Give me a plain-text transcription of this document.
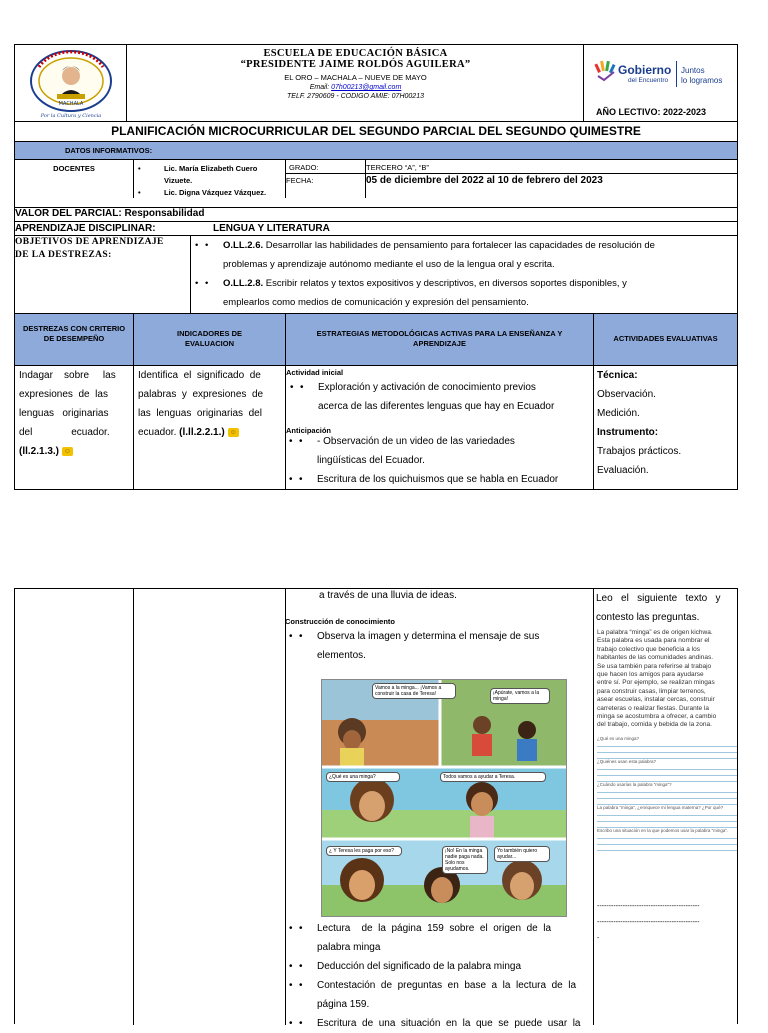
MACHALA
Por la Cultura y Ciencia
ESCUELA DE EDUCACIÓN BÁSICA
“PRESIDENTE JAIME ROLDÓS AGUILERA”
EL ORO – MACHALA – NUEVE DE MAYO
Email: 07h00213@gmail.com
TELF. 2790609 - CODIGO AMIE: 07H00213
Gobierno
del Encuentro
Juntos
lo logramos
AÑO LECTIVO: 2022-2023
PLANIFICACIÓN MICROCURRICULAR DEL SEGUNDO PARCIAL DEL SEGUNDO QUIMESTRE
DATOS INFORMATIVOS:
DOCENTES
•	Lic. María Elizabeth Cuero
Vizuete.
• Lic. Digna Vázquez Vázquez.
GRADO:
FECHA:
TERCERO “A”, “B”
05 de diciembre del 2022 al 10 de febrero del 2023
VALOR DEL PARCIAL: Responsabilidad
APRENDIZAJE DISCIPLINAR:	LENGUA Y LITERATURA
OBJETIVOS DE APRENDIZAJE
DE LA DESTREZAS:
• • O.LL.2.6. Desarrollar las habilidades de pensamiento para fortalecer las capacidades de resolución de
problemas y aprendizaje autónomo mediante el uso de la lengua oral y escrita.
• • O.LL.2.8. Escribir relatos y textos expositivos y descriptivos, en diversos soportes disponibles, y
emplearlos como medios de comunicación y expresión del pensamiento.
DESTREZAS CON CRITERIO
DE DESEMPEÑO
INDICADORES DE
EVALUACION
ESTRATEGIAS METODOLÓGICAS ACTIVAS PARA LA ENSEÑANZA Y
APRENDIZAJE
ACTIVIDADES EVALUATIVAS
Indagar    sobre     las
expresiones  de  las
lenguas   originarias
del              ecuador.
(ll.2.1.3.) ☺
Identifica  el  significado  de
palabras  y  expresiones  de
las  lenguas  originarias  del
ecuador. (l.ll.2.2.1.) ☺
Actividad inicial
• • Exploración y activación de conocimiento previos
acerca de las diferentes lenguas que hay en Ecuador
Anticipación
Técnica:
Observación.
Medición.
Instrumento:
Trabajos prácticos.
Evaluación.
• • - Observación de un video de las variedades
lingüísticas del Ecuador.
• • Escritura de los quichuismos que se habla en Ecuador
a través de una lluvia de ideas.
Construcción de conocimiento
• • Observa la imagen y determina el mensaje de sus
elementos.
Vamos a la minga... ¡Vamos a construir la casa de Teresa!	¡Apúrate, vamos a la minga!
¿Qué es una minga?	Todos vamos a ayudar a Teresa.
¿ Y Teresa les paga por eso?	¡No! En la minga nadie paga nada. Solo nos ayudamos.
Yo también quiero ayudar...
• • Lectura    de  la  página  159  sobre  el  origen  de  la
palabra minga
• • Deducción del significado de la palabra minga
• • Contestación  de  preguntas  en  base  a  la  lectura  de  la
página 159.
• • Escritura  de  una  situación  en  la  que  se  puede  usar  la
Leo   el   siguiente   texto   y
contesto las preguntas.
La palabra “minga” es de origen kichwa.
Esta palabra es usada para nombrar el
trabajo colectivo que beneficia a los
habitantes de las comunidades andinas.
Se usa también para referirse al trabajo
que hacen los amigos para ayudarse
entre sí. Por ejemplo, se realizan mingas
para construir casas, limpiar terrenos,
asear escuelas, instalar cercas, construir
carreteras o realizar fiestas. Durante la
minga se acostumbra a ofrecer, a cambio
del trabajo, comida y bebida de la zona.
¿Qué es una minga?
¿Quiénes usan esta palabra?
¿Cuándo usarías la palabra “minga”?
La palabra “minga”, ¿enriquece mi lengua materna? ¿Por qué?
Escribo una situación en la que podemos usar la palabra “minga”.
--------------------------------------------
--------------------------------------------
-
